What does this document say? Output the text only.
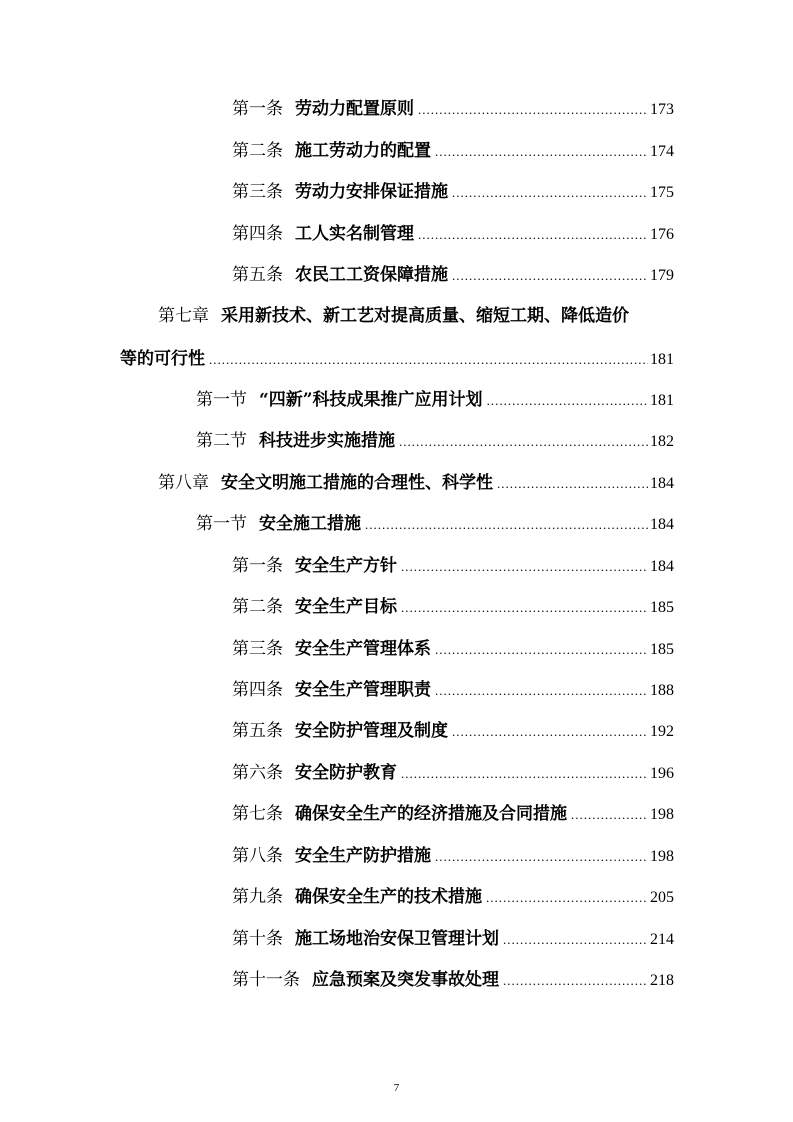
第一条 劳动力配置原则 .....	173
第二条 施工劳动力的配置 .....	174
第三条 劳动力安排保证措施 .....	175
第四条 工人实名制管理 .....	176
第五条 农民工工资保障措施 .....	179
第七章 采用新技术、新工艺对提高质量、缩短工期、降低造价
等的可行性 .....	181
第一节 “四新”科技成果推广应用计划 .....	181
第二节 科技进步实施措施 .....	182
第八章 安全文明施工措施的合理性、科学性 .....	184
第一节 安全施工措施 .....	184
第一条 安全生产方针 .....	184
第二条 安全生产目标 .....	185
第三条 安全生产管理体系 .....	185
第四条 安全生产管理职责 .....	188
第五条 安全防护管理及制度 .....	192
第六条 安全防护教育 .....	196
第七条 确保安全生产的经济措施及合同措施 .....	198
第八条 安全生产防护措施 .....	198
第九条 确保安全生产的技术措施 .....	205
第十条 施工场地治安保卫管理计划 .....	214
第十一条 应急预案及突发事故处理 .....	218
7
